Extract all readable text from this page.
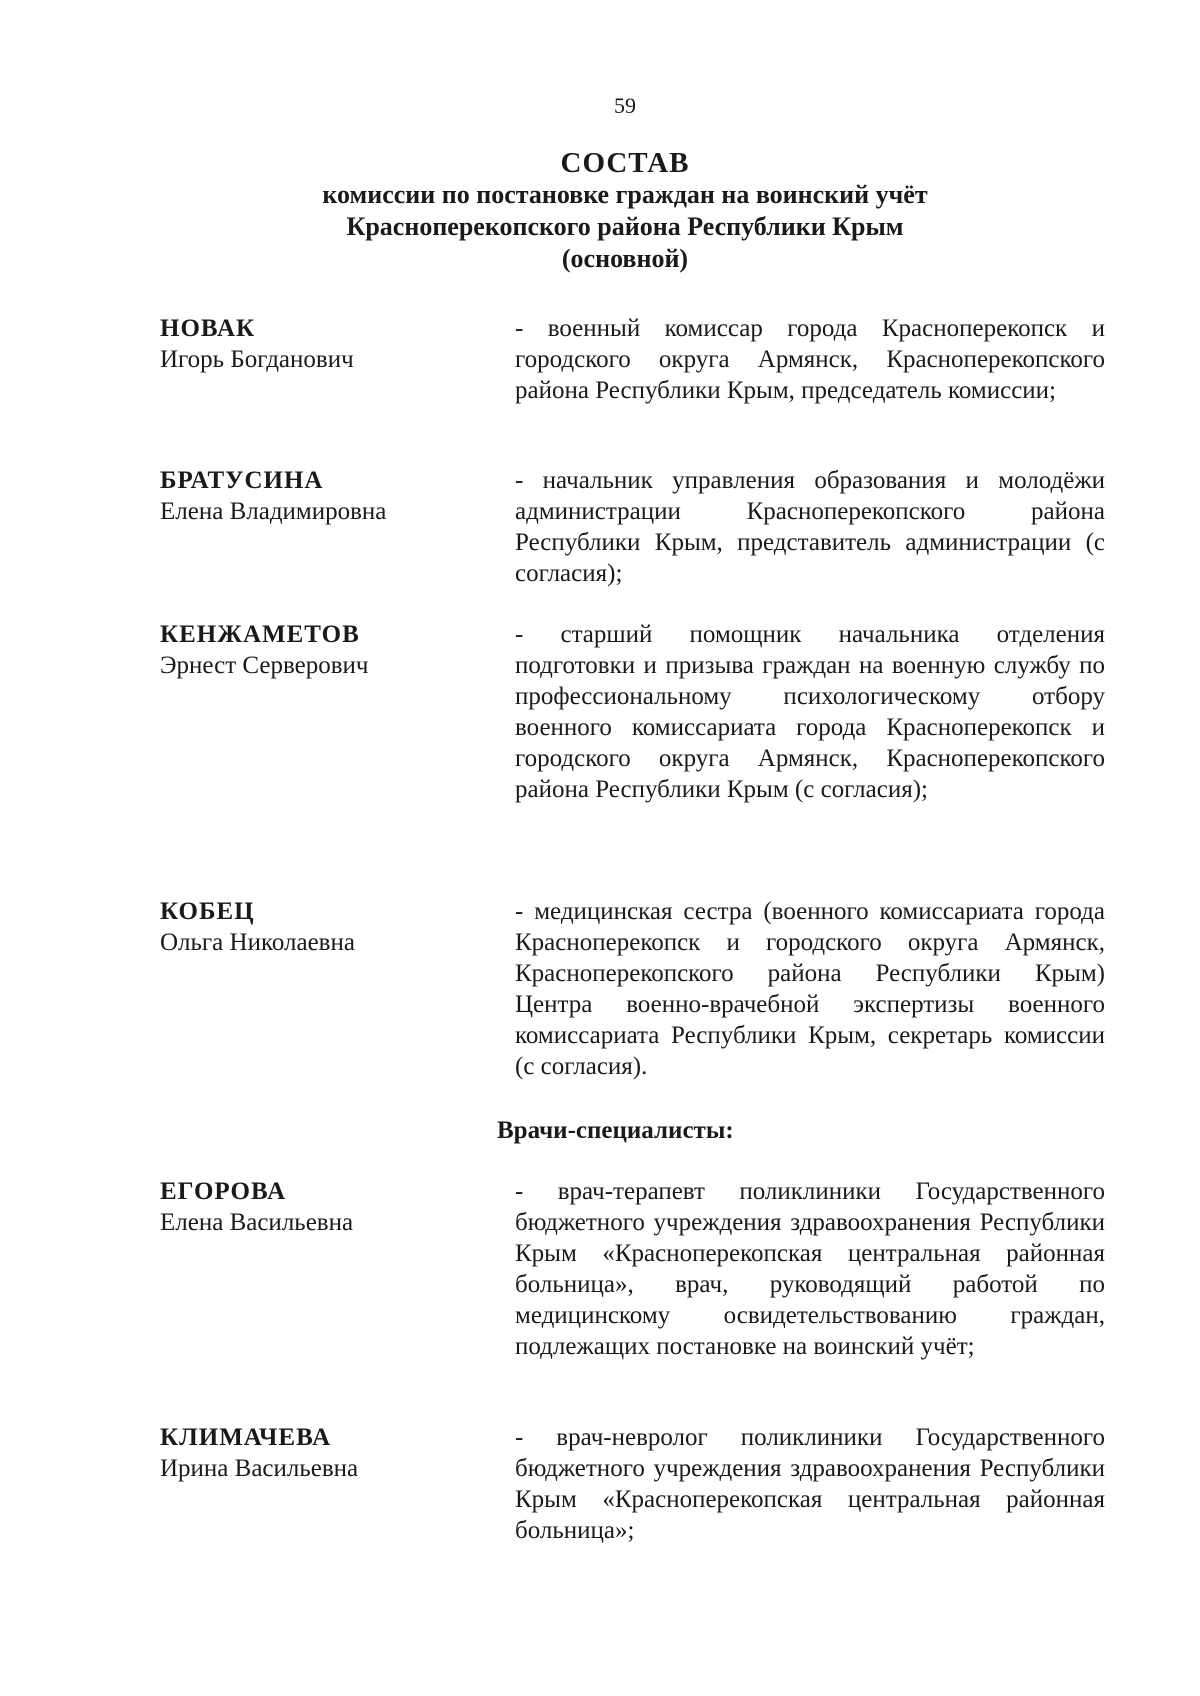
59
СОСТАВ
комиссии по постановке граждан на воинский учёт
Красноперекопского района Республики Крым
(основной)
НОВАК
Игорь Богданович
- военный комиссар города Красноперекопск и городского округа Армянск, Красноперекопского района Республики Крым, председатель комиссии;
БРАТУСИНА
Елена Владимировна
- начальник управления образования и молодёжи администрации Красноперекопского района Республики Крым, представитель администрации (с согласия);
КЕНЖАМЕТОВ
Эрнест Серверович
- старший помощник начальника отделения подготовки и призыва граждан на военную службу по профессиональному психологическому отбору военного комиссариата города Красноперекопск и городского округа Армянск, Красноперекопского района Республики Крым (с согласия);
КОБЕЦ
Ольга Николаевна
- медицинская сестра (военного комиссариата города Красноперекопск и городского округа Армянск, Красноперекопского района Республики Крым) Центра военно-врачебной экспертизы военного комиссариата Республики Крым, секретарь комиссии (с согласия).
Врачи-специалисты:
ЕГОРОВА
Елена Васильевна
- врач-терапевт поликлиники Государственного бюджетного учреждения здравоохранения Республики Крым «Красноперекопская центральная районная больница», врач, руководящий работой по медицинскому освидетельствованию граждан, подлежащих постановке на воинский учёт;
КЛИМАЧЕВА
Ирина Васильевна
- врач-невролог поликлиники Государственного бюджетного учреждения здравоохранения Республики Крым «Красноперекопская центральная районная больница»;
